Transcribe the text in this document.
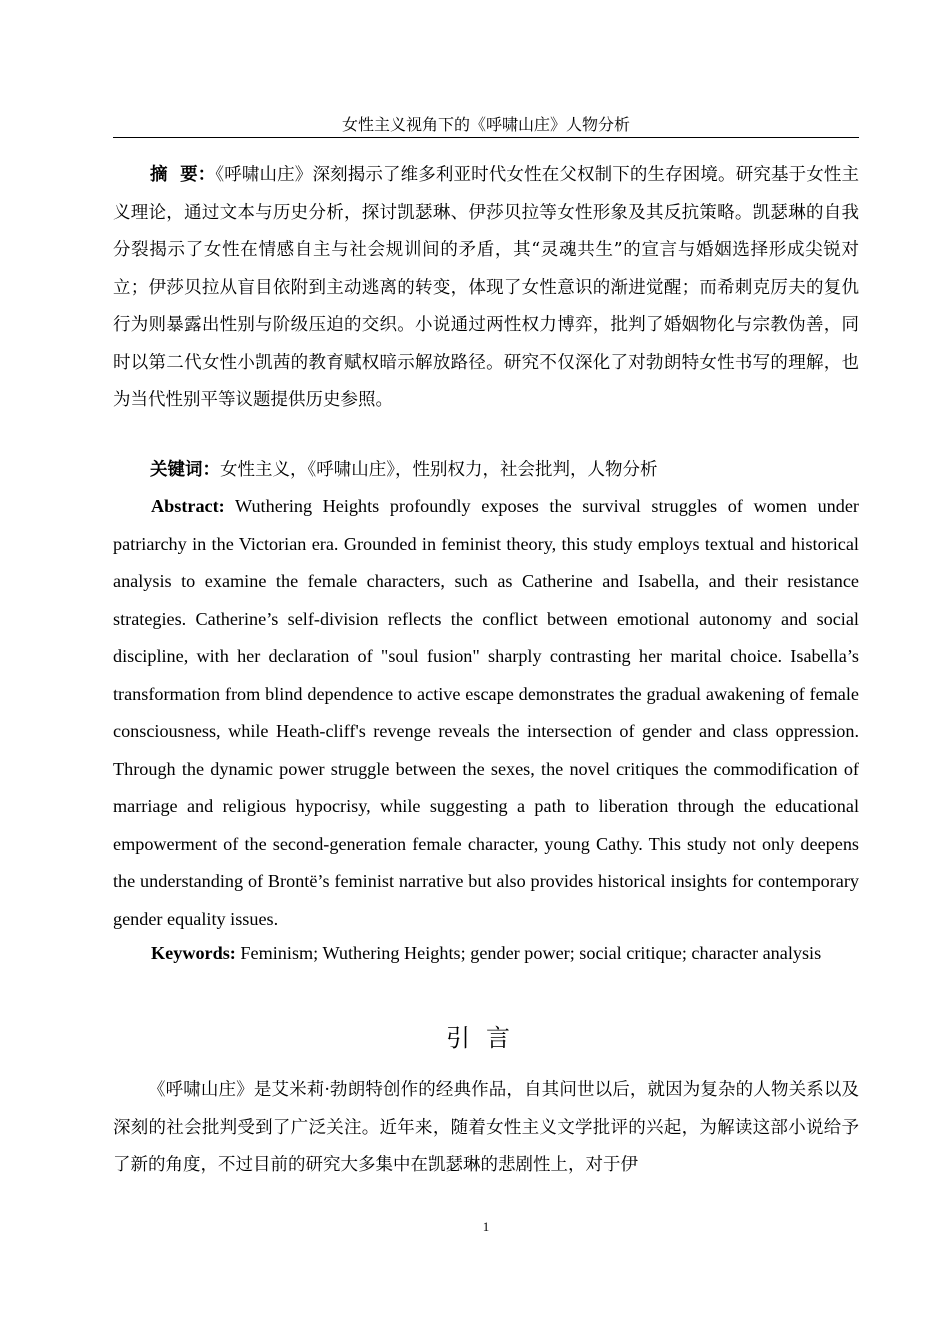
女性主义视角下的《呼啸山庄》人物分析

摘  要：《呼啸山庄》深刻揭示了维多利亚时代女性在父权制下的生存困境。研究基于女性主义理论，通过文本与历史分析，探讨凯瑟琳、伊莎贝拉等女性形象及其反抗策略。凯瑟琳的自我分裂揭示了女性在情感自主与社会规训间的矛盾，其“灵魂共生”的宣言与婚姻选择形成尖锐对立；伊莎贝拉从盲目依附到主动逃离的转变，体现了女性意识的渐进觉醒；而希刺克厉夫的复仇行为则暴露出性别与阶级压迫的交织。小说通过两性权力博弈，批判了婚姻物化与宗教伪善，同时以第二代女性小凯茜的教育赋权暗示解放路径。研究不仅深化了对勃朗特女性书写的理解，也为当代性别平等议题提供历史参照。

关键词：女性主义，《呼啸山庄》，性别权力，社会批判，人物分析

Abstract: Wuthering Heights profoundly exposes the survival struggles of women under patriarchy in the Victorian era. Grounded in feminist theory, this study employs textual and historical analysis to examine the female characters, such as Catherine and Isabella, and their resistance strategies. Catherine’s self-division reflects the conflict between emotional autonomy and social discipline, with her declaration of "soul fusion" sharply contrasting her marital choice. Isabella’s transformation from blind dependence to active escape demonstrates the gradual awakening of female consciousness, while Heath-cliff's revenge reveals the intersection of gender and class oppression. Through the dynamic power struggle between the sexes, the novel critiques the commodification of marriage and religious hypocrisy, while suggesting a path to liberation through the educational empowerment of the second-generation female character, young Cathy. This study not only deepens the understanding of Brontë’s feminist narrative but also provides historical insights for contemporary gender equality issues.

Keywords: Feminism; Wuthering Heights; gender power; social critique; character analysis

引言

《呼啸山庄》是艾米莉·勃朗特创作的经典作品，自其问世以后，就因为复杂的人物关系以及深刻的社会批判受到了广泛关注。近年来，随着女性主义文学批评的兴起，为解读这部小说给予了新的角度，不过目前的研究大多集中在凯瑟琳的悲剧性上，对于伊

1
